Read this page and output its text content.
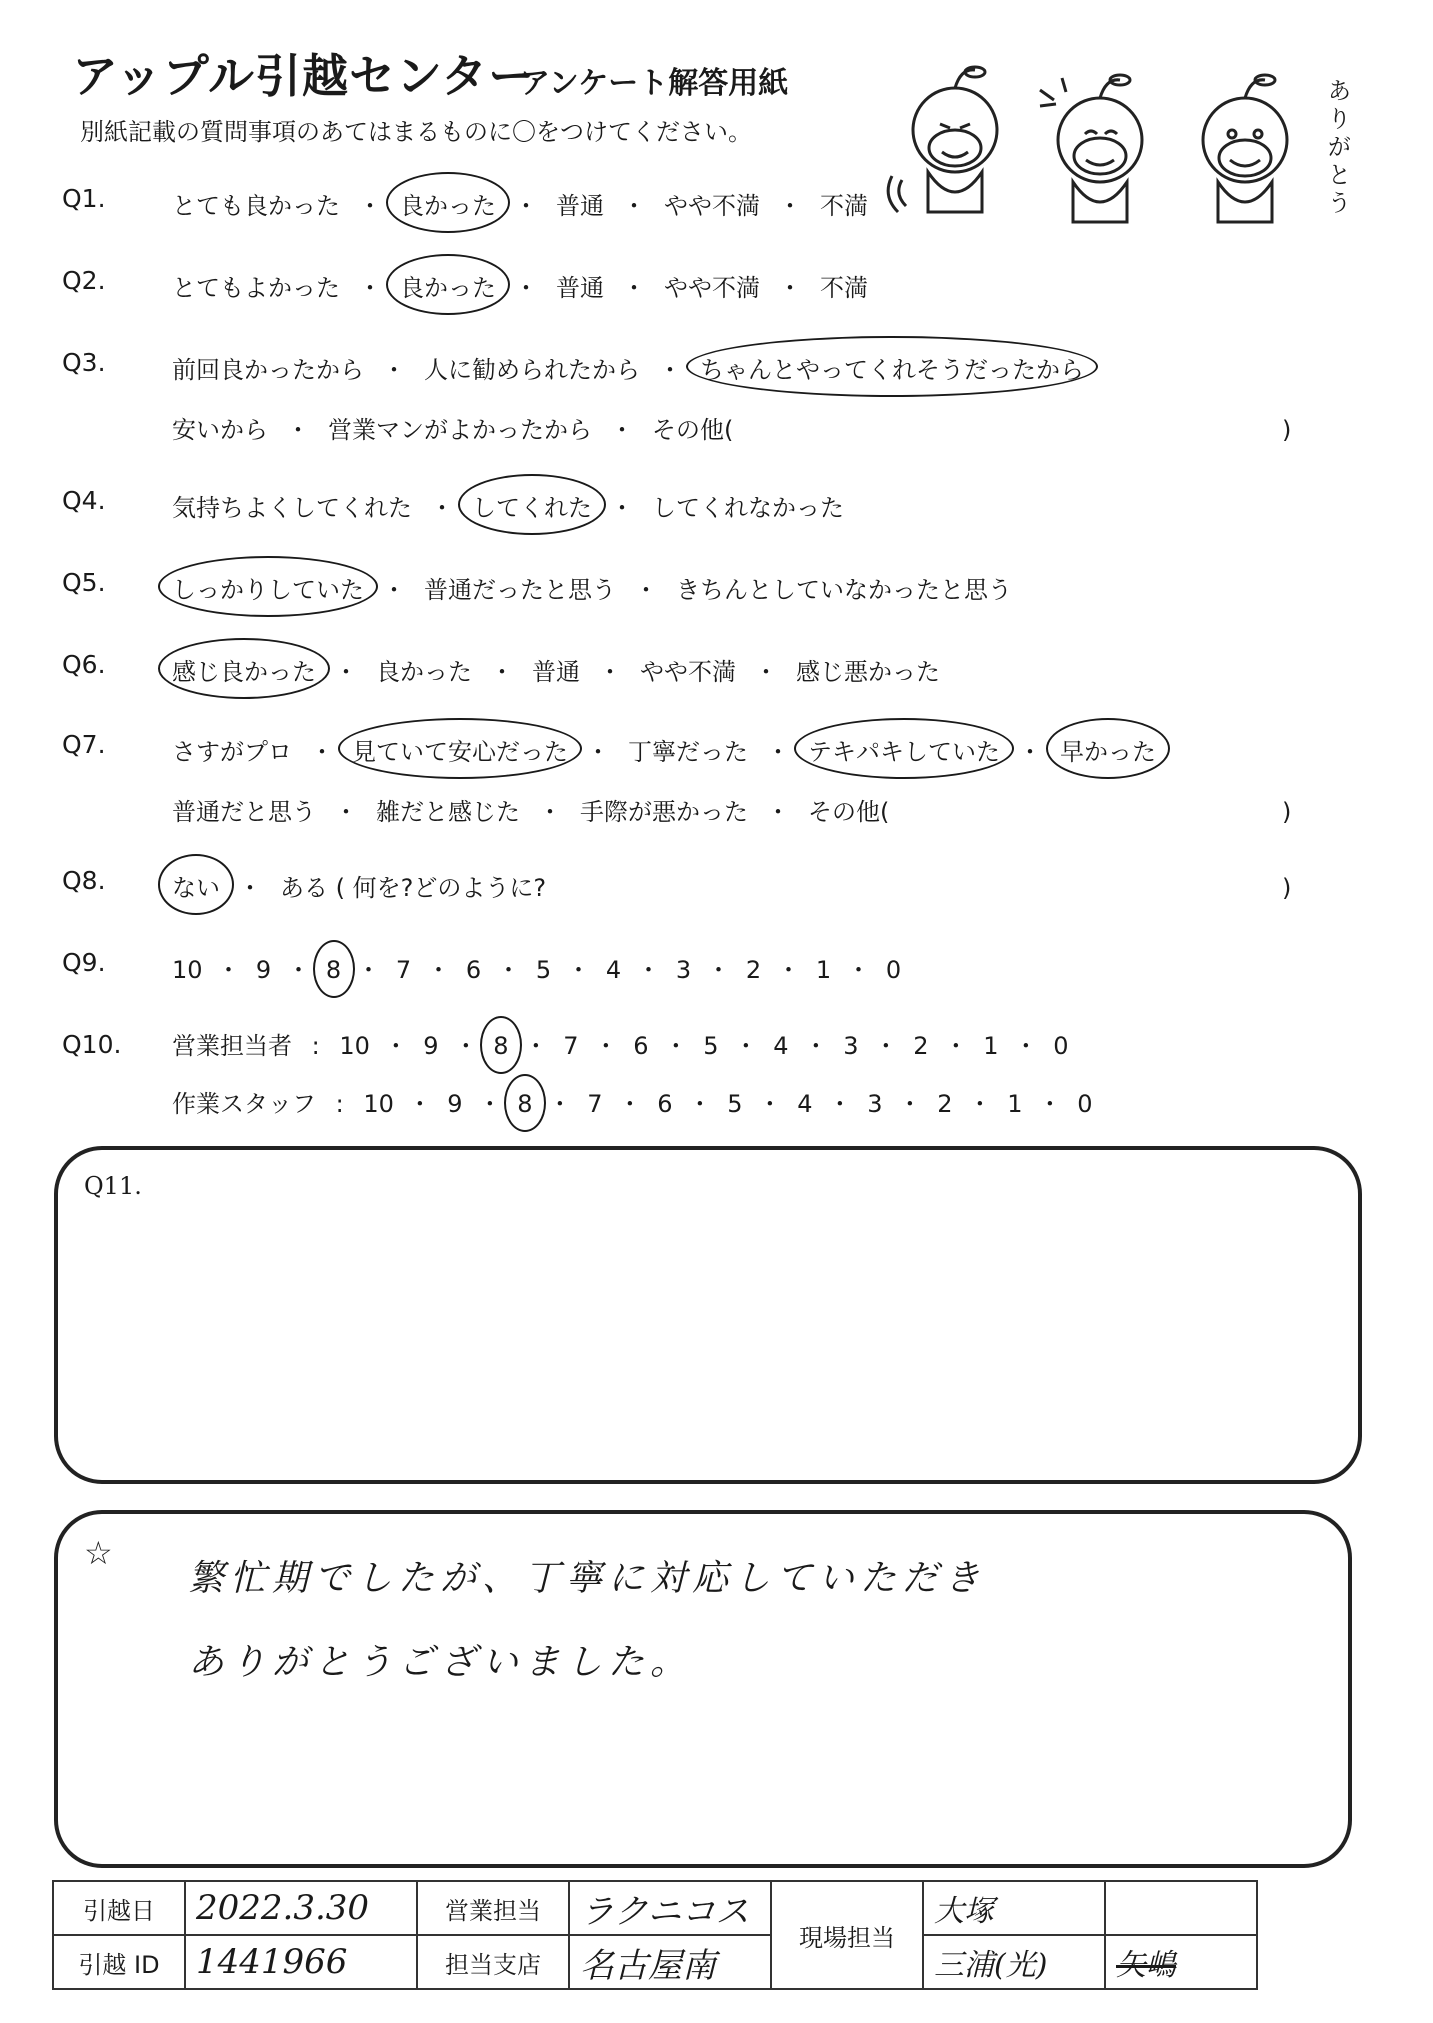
アップル引越センター
アンケート解答用紙
別紙記載の質問事項のあてはまるものに〇をつけてください。	ありがとう
Q1.	とても良かった ・ 良かった ・ 普通 ・ やや不満 ・ 不満
Q2.	とてもよかった ・ 良かった ・ 普通 ・ やや不満 ・ 不満
Q3.	前回良かったから ・ 人に勧められたから ・ ちゃんとやってくれそうだったから
安いから ・ 営業マンがよかったから ・ その他(	)
Q4.	気持ちよくしてくれた ・ してくれた ・ してくれなかった
Q5.	しっかりしていた ・ 普通だったと思う ・ きちんとしていなかったと思う
Q6.	感じ良かった ・ 良かった ・ 普通 ・ やや不満 ・ 感じ悪かった
Q7.	さすがプロ ・ 見ていて安心だった ・ 丁寧だった ・ テキパキしていた ・ 早かった
普通だと思う ・ 雑だと感じた ・ 手際が悪かった ・ その他(	)
Q8.	ない ・ ある ( 何を?どのように?	)
Q9.	10 ・ 9 ・ 8 ・ 7 ・ 6 ・ 5 ・ 4 ・ 3 ・ 2 ・ 1 ・ 0
Q10. 営業担当者 : 10 ・ 9 ・ 8 ・ 7 ・ 6 ・ 5 ・ 4 ・ 3 ・ 2 ・ 1 ・ 0
作業スタッフ : 10 ・ 9 ・ 8 ・ 7 ・ 6 ・ 5 ・ 4 ・ 3 ・ 2 ・ 1 ・ 0
Q11.
☆
繁忙期でしたが、丁寧に対応していただき
ありがとうございました。
引越日	2022.3.30	営業担当	ラクニコス	現場担当	大塚	
引越 ID	1441966	担当支店	名古屋南		三浦(光)	矢嶋
